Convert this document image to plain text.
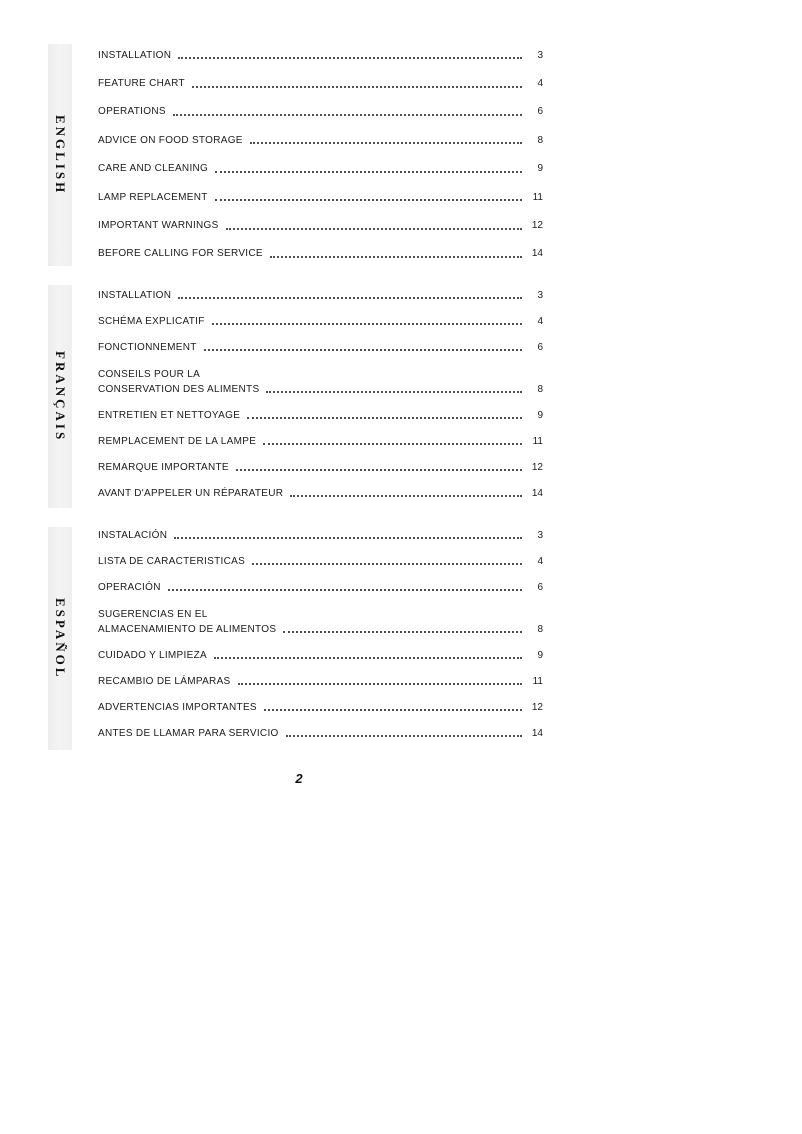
ENGLISH
INSTALLATION	3
FEATURE CHART	4
OPERATIONS	6
ADVICE ON FOOD STORAGE	8
CARE AND CLEANING	9
LAMP REPLACEMENT	11
IMPORTANT WARNINGS	12
BEFORE CALLING FOR SERVICE	14
FRANÇAIS
INSTALLATION	3
SCHÉMA EXPLICATIF	4
FONCTIONNEMENT	6
CONSEILS POUR LA
CONSERVATION DES ALIMENTS	8
ENTRETIEN ET NETTOYAGE	9
REMPLACEMENT DE LA LAMPE	11
REMARQUE IMPORTANTE	12
AVANT D'APPELER UN RÉPARATEUR	14
ESPAÑOL
INSTALACIÓN	3
LISTA DE CARACTERISTICAS	4
OPERACIÓN	6
SUGERENCIAS EN EL
ALMACENAMIENTO DE ALIMENTOS	8
CUIDADO Y LIMPIEZA	9
RECAMBIO DE LÁMPARAS	11
ADVERTENCIAS IMPORTANTES	12
ANTES DE LLAMAR PARA SERVICIO	14
2
